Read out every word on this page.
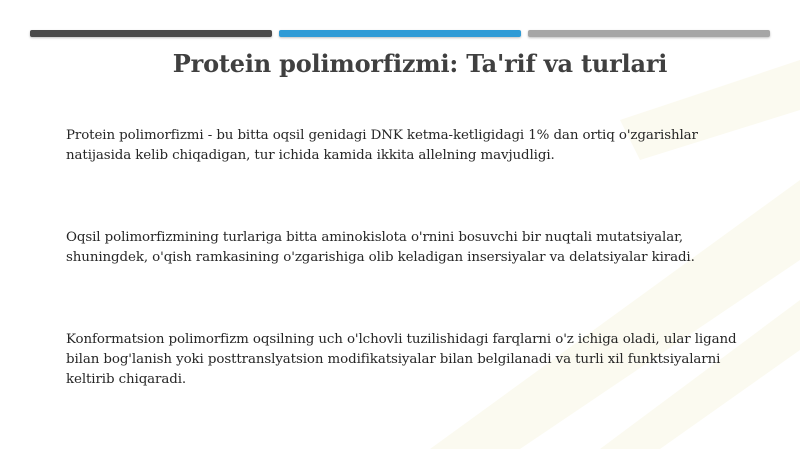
Protein polimorfizmi: Ta'rif va turlari

Protein polimorfizmi - bu bitta oqsil genidagi DNK ketma-ketligidagi 1% dan ortiq o'zgarishlar natijasida kelib chiqadigan, tur ichida kamida ikkita allelning mavjudligi.

Oqsil polimorfizmining turlariga bitta aminokislota o'rnini bosuvchi bir nuqtali mutatsiyalar, shuningdek, o'qish ramkasining o'zgarishiga olib keladigan insersiyalar va delatsiyalar kiradi.

Konformatsion polimorfizm oqsilning uch o'lchovli tuzilishidagi farqlarni o'z ichiga oladi, ular ligand bilan bog'lanish yoki posttranslyatsion modifikatsiyalar bilan belgilanadi va turli xil funktsiyalarni keltirib chiqaradi.
